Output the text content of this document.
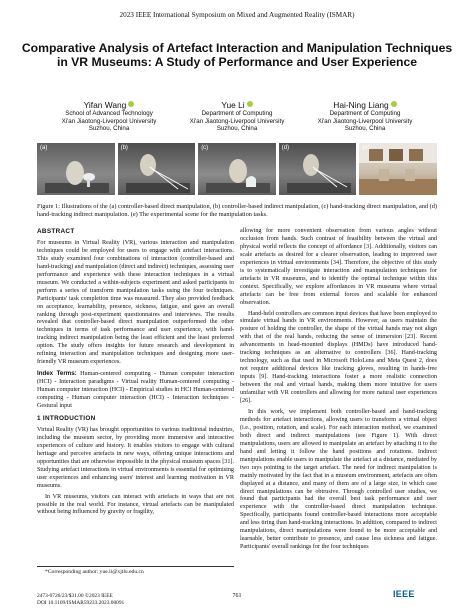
2023 IEEE International Symposium on Mixed and Augmented Reality (ISMAR)
Comparative Analysis of Artefact Interaction and Manipulation Techniques in VR Museums: A Study of Performance and User Experience
Yifan Wang
School of Advanced Technology
Xi'an Jiaotong-Liverpool University
Suzhou, China
Yue Li
Department of Computing
Xi'an Jiaotong-Liverpool University
Suzhou, China
Hai-Ning Liang
Department of Computing
Xi'an Jiaotong-Liverpool University
Suzhou, China
(a)	(b)	(c)	(d)	(e)
Figure 1: Illustrations of the (a) controller-based direct manipulation, (b) controller-based indirect manipulation, (c) hand-tracking direct manipulation, and (d) hand-tracking indirect manipulation. (e) The experimental scene for the manipulation tasks.
ABSTRACT
For museums in Virtual Reality (VR), various interaction and manipulation techniques could be employed for users to engage with artefact interactions. This study examined four combinations of interaction (controller-based and hand-tracking) and manipulation (direct and indirect) techniques, assessing user performance and experience with these interaction techniques in a virtual museum. We conducted a within-subjects experiment and asked participants to perform a series of transform manipulation tasks using the four techniques. Participants' task completion time was measured. They also provided feedback on acceptance, learnability, presence, sickness, fatigue, and gave an overall ranking through post-experiment questionnaires and interviews. The results revealed that controller-based direct manipulation outperformed the other techniques in terms of task performance and user experience, with hand-tracking indirect manipulation being the least efficient and the least preferred option. The study offers insights for future research and development in refining interaction and manipulation techniques and designing more user-friendly VR museum experiences.
Index Terms: Human-centered computing - Human computer interaction (HCI) - Interaction paradigms - Virtual reality Human-centered computing - Human computer interaction (HCI) - Empirical studies in HCI Human-centered computing - Human computer interaction (HCI) - Interaction techniques - Gestural input
1 INTRODUCTION
Virtual Reality (VR) has brought opportunities to various traditional industries, including the museum sector, by providing more immersive and interactive experiences of culture and history. It enables visitors to engage with cultural heritage and perceive artefacts in new ways, offering unique interactions and opportunities that are otherwise impossible in the physical museum spaces [31]. Studying artefact interactions in virtual environments is essential for optimising user experiences and enhancing users' interest and learning motivation in VR museums.
In VR museums, visitors can interact with artefacts in ways that are not possible in the real world. For instance, virtual artefacts can be manipulated without being influenced by gravity or fragility,
*Corresponding author: yue.li@xjtlu.edu.cn
allowing for more convenient observation from various angles without occlusion from hands. Such contrast of feasibility between the virtual and physical world reflects the concept of affordance [3]. Additionally, visitors can scale artefacts as desired for a clearer observation, leading to improved user experiences in virtual environments [34]. Therefore, the objective of this study is to systematically investigate interaction and manipulation techniques for artefacts in VR museums, and to identify the optimal technique within this context. Specifically, we explore affordances in VR museums where virtual artefacts can be free from external forces and scalable for enhanced observation.
Hand-held controllers are common input devices that have been employed to simulate virtual hands in VR environments. However, as users maintain the posture of holding the controller, the shape of the virtual hands may not align with that of the real hands, reducing the sense of immersion [23]. Recent advancements in head-mounted displays (HMDs) have introduced hand-tracking techniques as an alternative to controllers [36]. Hand-tracking technology, such as that used in Microsoft HoloLens and Meta Quest 2, does not require additional devices like tracking gloves, resulting in hands-free inputs [9]. Hand-tracking interactions foster a more realistic connection between the real and virtual hands, making them more intuitive for users unfamiliar with VR controllers and allowing for more natural user experiences [26].
In this work, we implement both controller-based and hand-tracking methods for artefact interactions, allowing users to transform a virtual object (i.e., position, rotation, and scale). For each interaction method, we examined both direct and indirect manipulations (see Figure 1). With direct manipulations, users are allowed to manipulate an artefact by attaching it to the hand and letting it follow the hand positions and rotations. Indirect manipulations enable users to manipulate the artefact at a distance, mediated by two rays pointing to the target artefact. The need for indirect manipulation is mainly motivated by the fact that in a museum environment, artefacts are often displayed at a distance, and many of them are of a large size, in which case direct manipulations can be obtrusive. Through controlled user studies, we found that participants had the overall best task performance and user experience with the controller-based direct manipulation technique. Specifically, participants found controller-based interactions more acceptable and less tiring than hand-tracking interactions. In addition, compared to indirect manipulations, direct manipulations were found to be more acceptable and learnable, better contribute to presence, and cause less sickness and fatigue. Participants' overall rankings for the four techniques
2473-0726/23/$31.00 ©2023 IEEE
DOI 10.1109/ISMAR59233.2023.00091
761	IEEE
